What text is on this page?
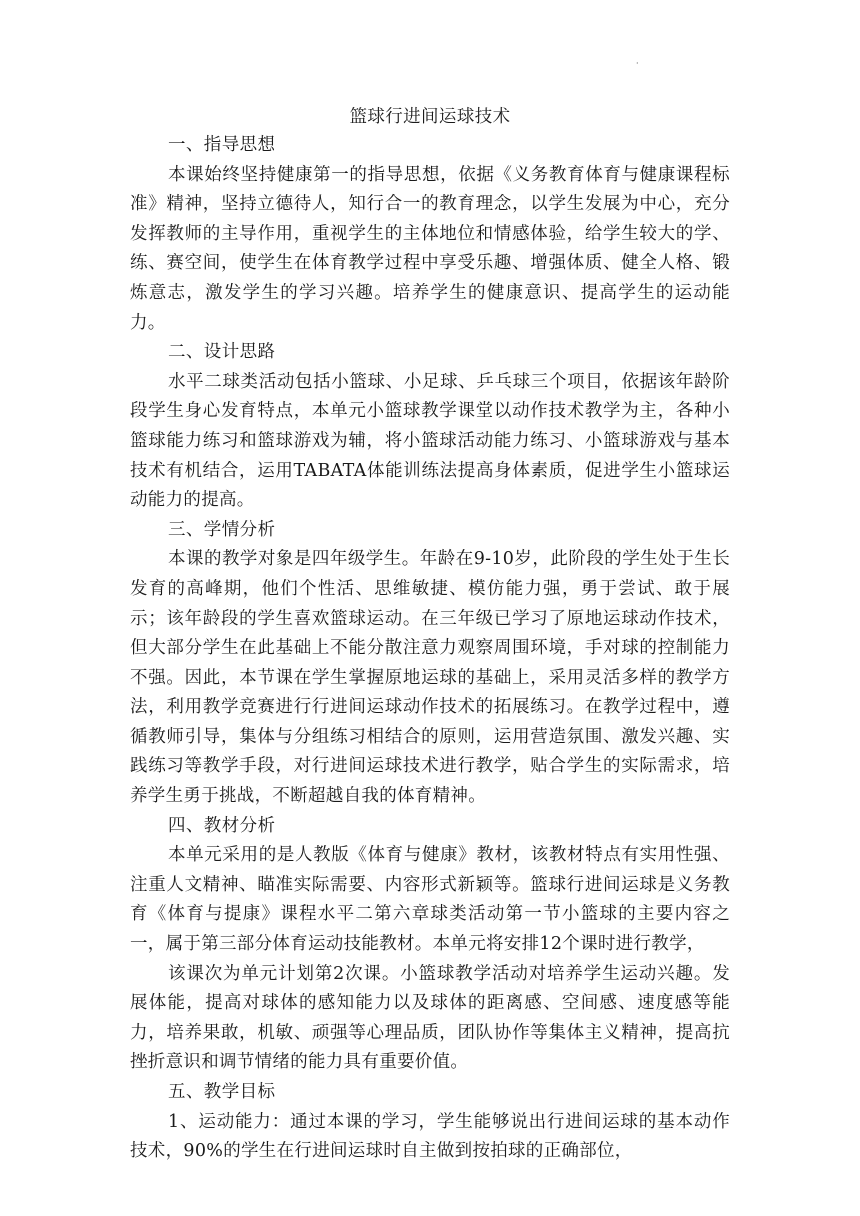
·
篮球行进间运球技术
一、指导思想

本课始终坚持健康第一的指导思想，依据《义务教育体育与健康课程标准》精神，坚持立德待人，知行合一的教育理念，以学生发展为中心，充分发挥教师的主导作用，重视学生的主体地位和情感体验，给学生较大的学、练、赛空间，使学生在体育教学过程中享受乐趣、增强体质、健全人格、锻炼意志，激发学生的学习兴趣。培养学生的健康意识、提高学生的运动能力。

二、设计思路

水平二球类活动包括小篮球、小足球、乒乓球三个项目，依据该年龄阶段学生身心发育特点，本单元小篮球教学课堂以动作技术教学为主，各种小篮球能力练习和篮球游戏为辅，将小篮球活动能力练习、小篮球游戏与基本技术有机结合，运用TABATA体能训练法提高身体素质，促进学生小篮球运动能力的提高。

三、学情分析

本课的教学对象是四年级学生。年龄在9-10岁，此阶段的学生处于生长发育的高峰期，他们个性活、思维敏捷、模仿能力强，勇于尝试、敢于展示；该年龄段的学生喜欢篮球运动。在三年级已学习了原地运球动作技术，但大部分学生在此基础上不能分散注意力观察周围环境，手对球的控制能力不强。因此，本节课在学生掌握原地运球的基础上，采用灵活多样的教学方法，利用教学竞赛进行行进间运球动作技术的拓展练习。在教学过程中，遵循教师引导，集体与分组练习相结合的原则，运用营造氛围、激发兴趣、实践练习等教学手段，对行进间运球技术进行教学，贴合学生的实际需求，培养学生勇于挑战，不断超越自我的体育精神。

四、教材分析

本单元采用的是人教版《体育与健康》教材，该教材特点有实用性强、注重人文精神、瞄准实际需要、内容形式新颖等。篮球行进间运球是义务教育《体育与提康》课程水平二第六章球类活动第一节小篮球的主要内容之一，属于第三部分体育运动技能教材。本单元将安排12个课时进行教学，

该课次为单元计划第2次课。小篮球教学活动对培养学生运动兴趣。发展体能，提高对球体的感知能力以及球体的距离感、空间感、速度感等能力，培养果敢，机敏、顽强等心理品质，团队协作等集体主义精神，提高抗挫折意识和调节情绪的能力具有重要价值。

五、教学目标

1、运动能力：通过本课的学习，学生能够说出行进间运球的基本动作技术，90%的学生在行进间运球时自主做到按拍球的正确部位，
